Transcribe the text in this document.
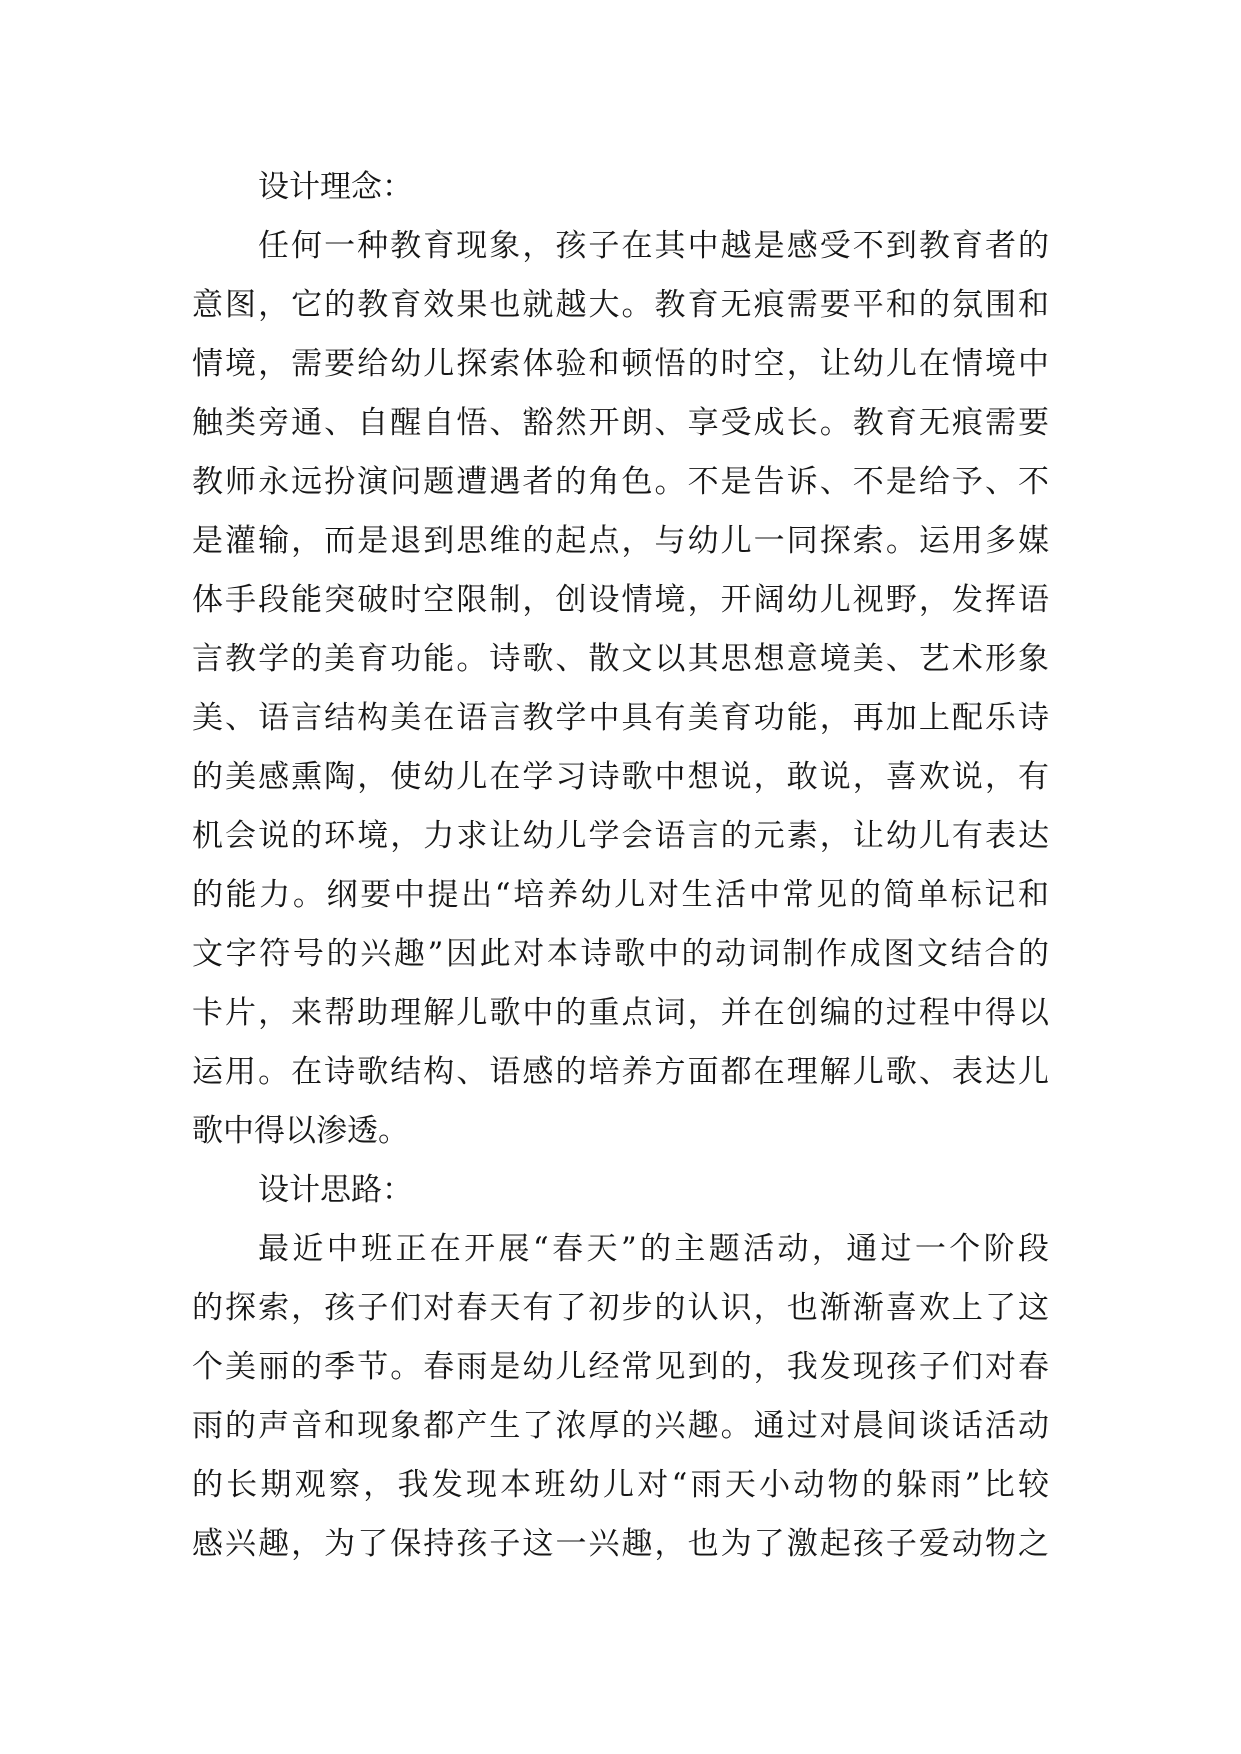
设计理念：
任何一种教育现象，孩子在其中越是感受不到教育者的
意图，它的教育效果也就越大。教育无痕需要平和的氛围和
情境，需要给幼儿探索体验和顿悟的时空，让幼儿在情境中
触类旁通、自醒自悟、豁然开朗、享受成长。教育无痕需要
教师永远扮演问题遭遇者的角色。不是告诉、不是给予、不
是灌输，而是退到思维的起点，与幼儿一同探索。运用多媒
体手段能突破时空限制，创设情境，开阔幼儿视野，发挥语
言教学的美育功能。诗歌、散文以其思想意境美、艺术形象
美、语言结构美在语言教学中具有美育功能，再加上配乐诗
的美感熏陶，使幼儿在学习诗歌中想说，敢说，喜欢说，有
机会说的环境，力求让幼儿学会语言的元素，让幼儿有表达
的能力。纲要中提出“培养幼儿对生活中常见的简单标记和
文字符号的兴趣”因此对本诗歌中的动词制作成图文结合的
卡片，来帮助理解儿歌中的重点词，并在创编的过程中得以
运用。在诗歌结构、语感的培养方面都在理解儿歌、表达儿
歌中得以渗透。
设计思路：
最近中班正在开展“春天”的主题活动，通过一个阶段
的探索，孩子们对春天有了初步的认识，也渐渐喜欢上了这
个美丽的季节。春雨是幼儿经常见到的，我发现孩子们对春
雨的声音和现象都产生了浓厚的兴趣。通过对晨间谈话活动
的长期观察，我发现本班幼儿对“雨天小动物的躲雨”比较
感兴趣，为了保持孩子这一兴趣，也为了激起孩子爱动物之
